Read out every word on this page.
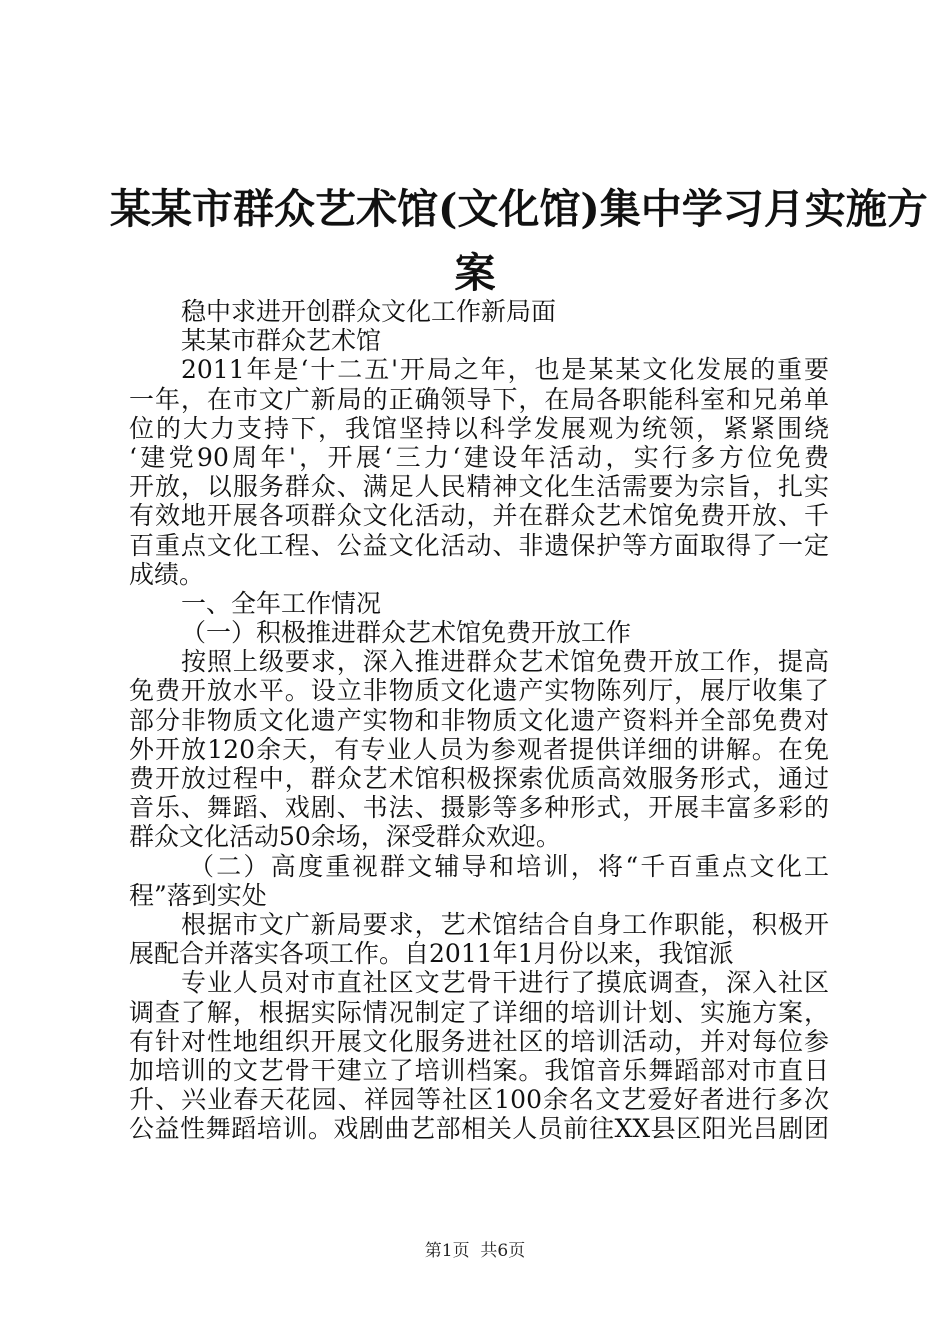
某某市群众艺术馆(文化馆)集中学习月实施方
案
稳中求进开创群众文化工作新局面
某某市群众艺术馆
2011年是‘十二五'开局之年，也是某某文化发展的重要
一年，在市文广新局的正确领导下，在局各职能科室和兄弟单
位的大力支持下，我馆坚持以科学发展观为统领，紧紧围绕
‘建党90周年'，开展‘三力‘建设年活动，实行多方位免费
开放，以服务群众、满足人民精神文化生活需要为宗旨，扎实
有效地开展各项群众文化活动，并在群众艺术馆免费开放、千
百重点文化工程、公益文化活动、非遗保护等方面取得了一定
成绩。
一、全年工作情况
（一）积极推进群众艺术馆免费开放工作
按照上级要求，深入推进群众艺术馆免费开放工作，提高
免费开放水平。设立非物质文化遗产实物陈列厅，展厅收集了
部分非物质文化遗产实物和非物质文化遗产资料并全部免费对
外开放120余天，有专业人员为参观者提供详细的讲解。在免
费开放过程中，群众艺术馆积极探索优质高效服务形式，通过
音乐、舞蹈、戏剧、书法、摄影等多种形式，开展丰富多彩的
群众文化活动50余场，深受群众欢迎。
（二）高度重视群文辅导和培训，将“千百重点文化工
程”落到实处
根据市文广新局要求，艺术馆结合自身工作职能，积极开
展配合并落实各项工作。自2011年1月份以来，我馆派
专业人员对市直社区文艺骨干进行了摸底调查，深入社区
调查了解，根据实际情况制定了详细的培训计划、实施方案，
有针对性地组织开展文化服务进社区的培训活动，并对每位参
加培训的文艺骨干建立了培训档案。我馆音乐舞蹈部对市直日
升、兴业春天花园、祥园等社区100余名文艺爱好者进行多次
公益性舞蹈培训。戏剧曲艺部相关人员前往XX县区阳光吕剧团
第1页  共6页
